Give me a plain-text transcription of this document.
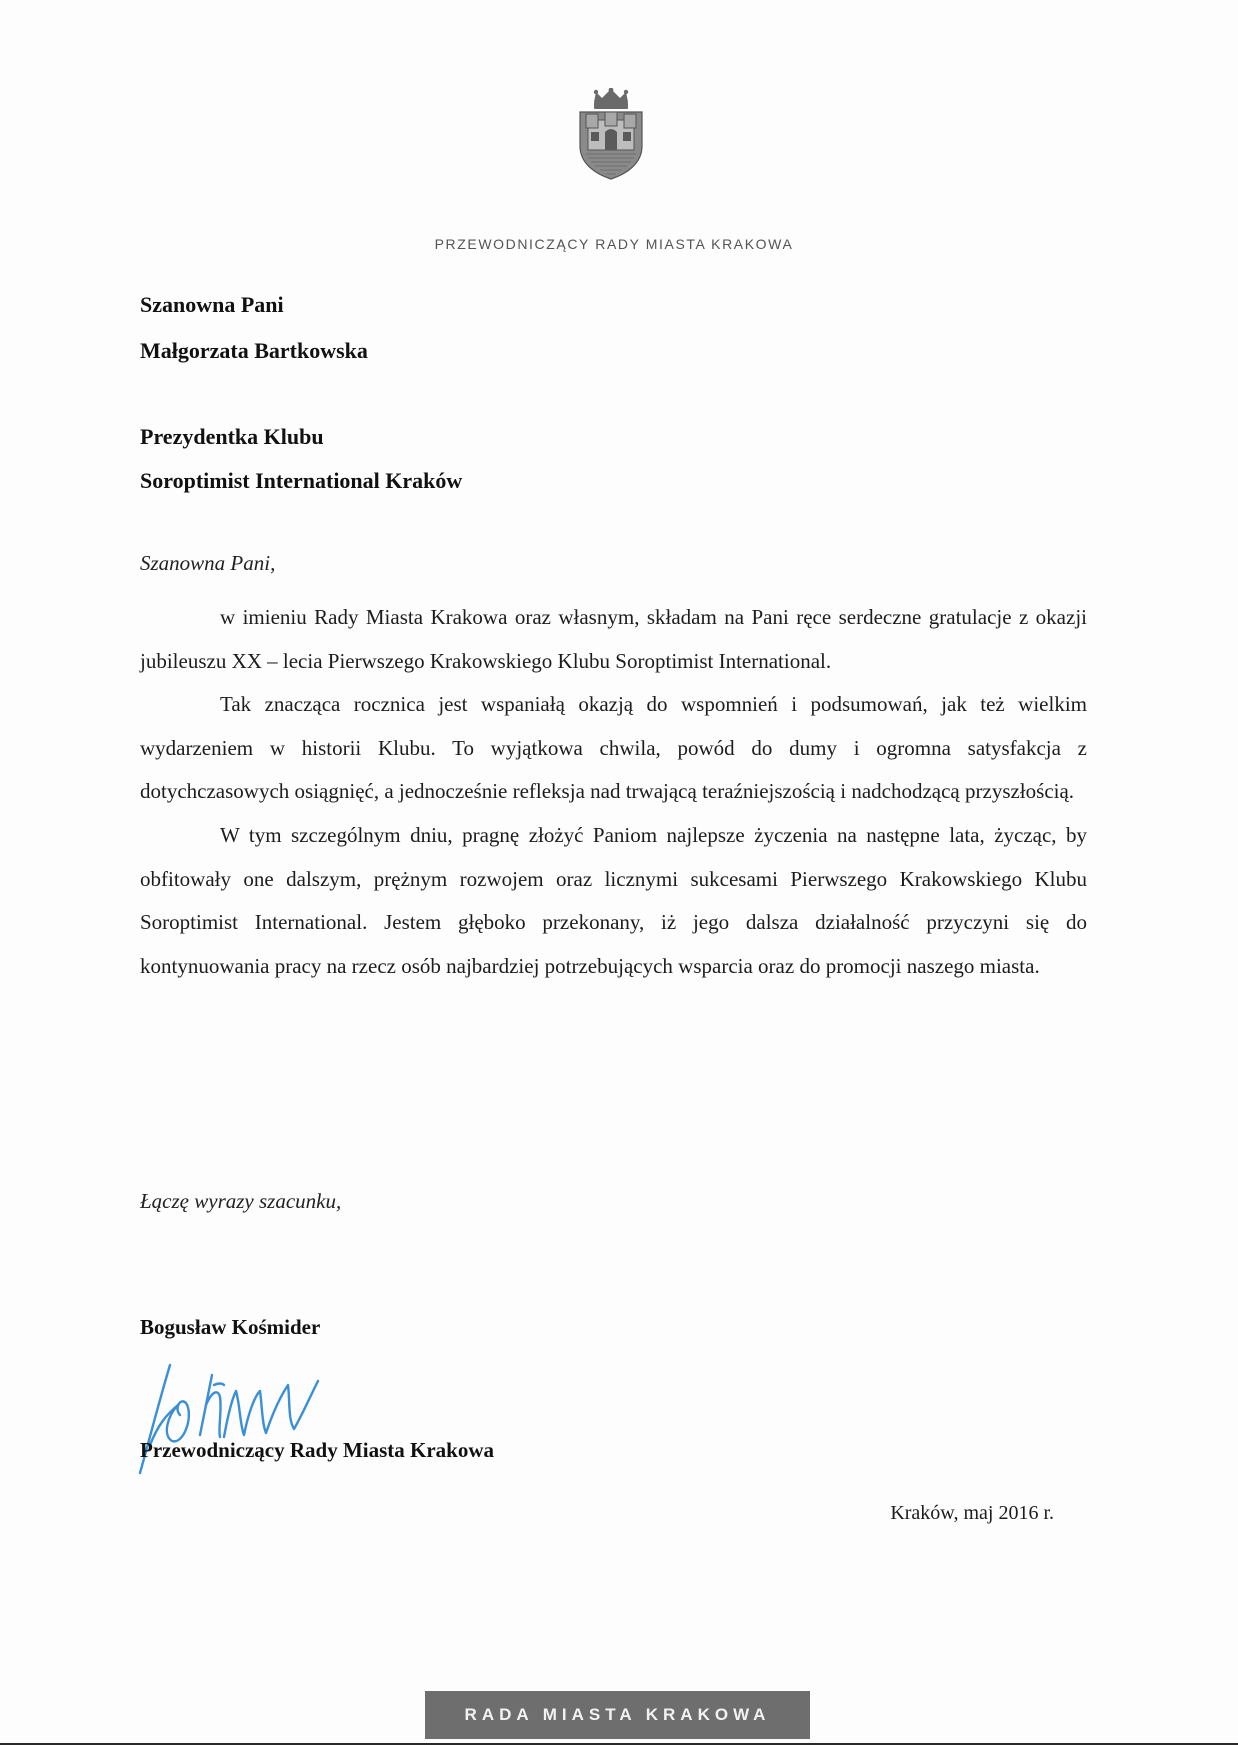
PRZEWODNICZĄCY RADY MIASTA KRAKOWA
Szanowna Pani
Małgorzata Bartkowska
Prezydentka Klubu
Soroptimist International Kraków
Szanowna Pani,

w imieniu Rady Miasta Krakowa oraz własnym, składam na Pani ręce serdeczne gratulacje z okazji jubileuszu XX – lecia Pierwszego Krakowskiego Klubu Soroptimist International.

Tak znacząca rocznica jest wspaniałą okazją do wspomnień i podsumowań, jak też wielkim wydarzeniem w historii Klubu. To wyjątkowa chwila, powód do dumy i ogromna satysfakcja z dotychczasowych osiągnięć, a jednocześnie refleksja nad trwającą teraźniejszością i nadchodzącą przyszłością.

W tym szczególnym dniu, pragnę złożyć Paniom najlepsze życzenia na następne lata, życząc, by obfitowały one dalszym, prężnym rozwojem oraz licznymi sukcesami Pierwszego Krakowskiego Klubu Soroptimist International. Jestem głęboko przekonany, iż jego dalsza działalność przyczyni się do kontynuowania pracy na rzecz osób najbardziej potrzebujących wsparcia oraz do promocji naszego miasta.

Łączę wyrazy szacunku,
Bogusław Kośmider
Przewodniczący Rady Miasta Krakowa
Kraków, maj 2016 r.
RADA MIASTA KRAKOWA
